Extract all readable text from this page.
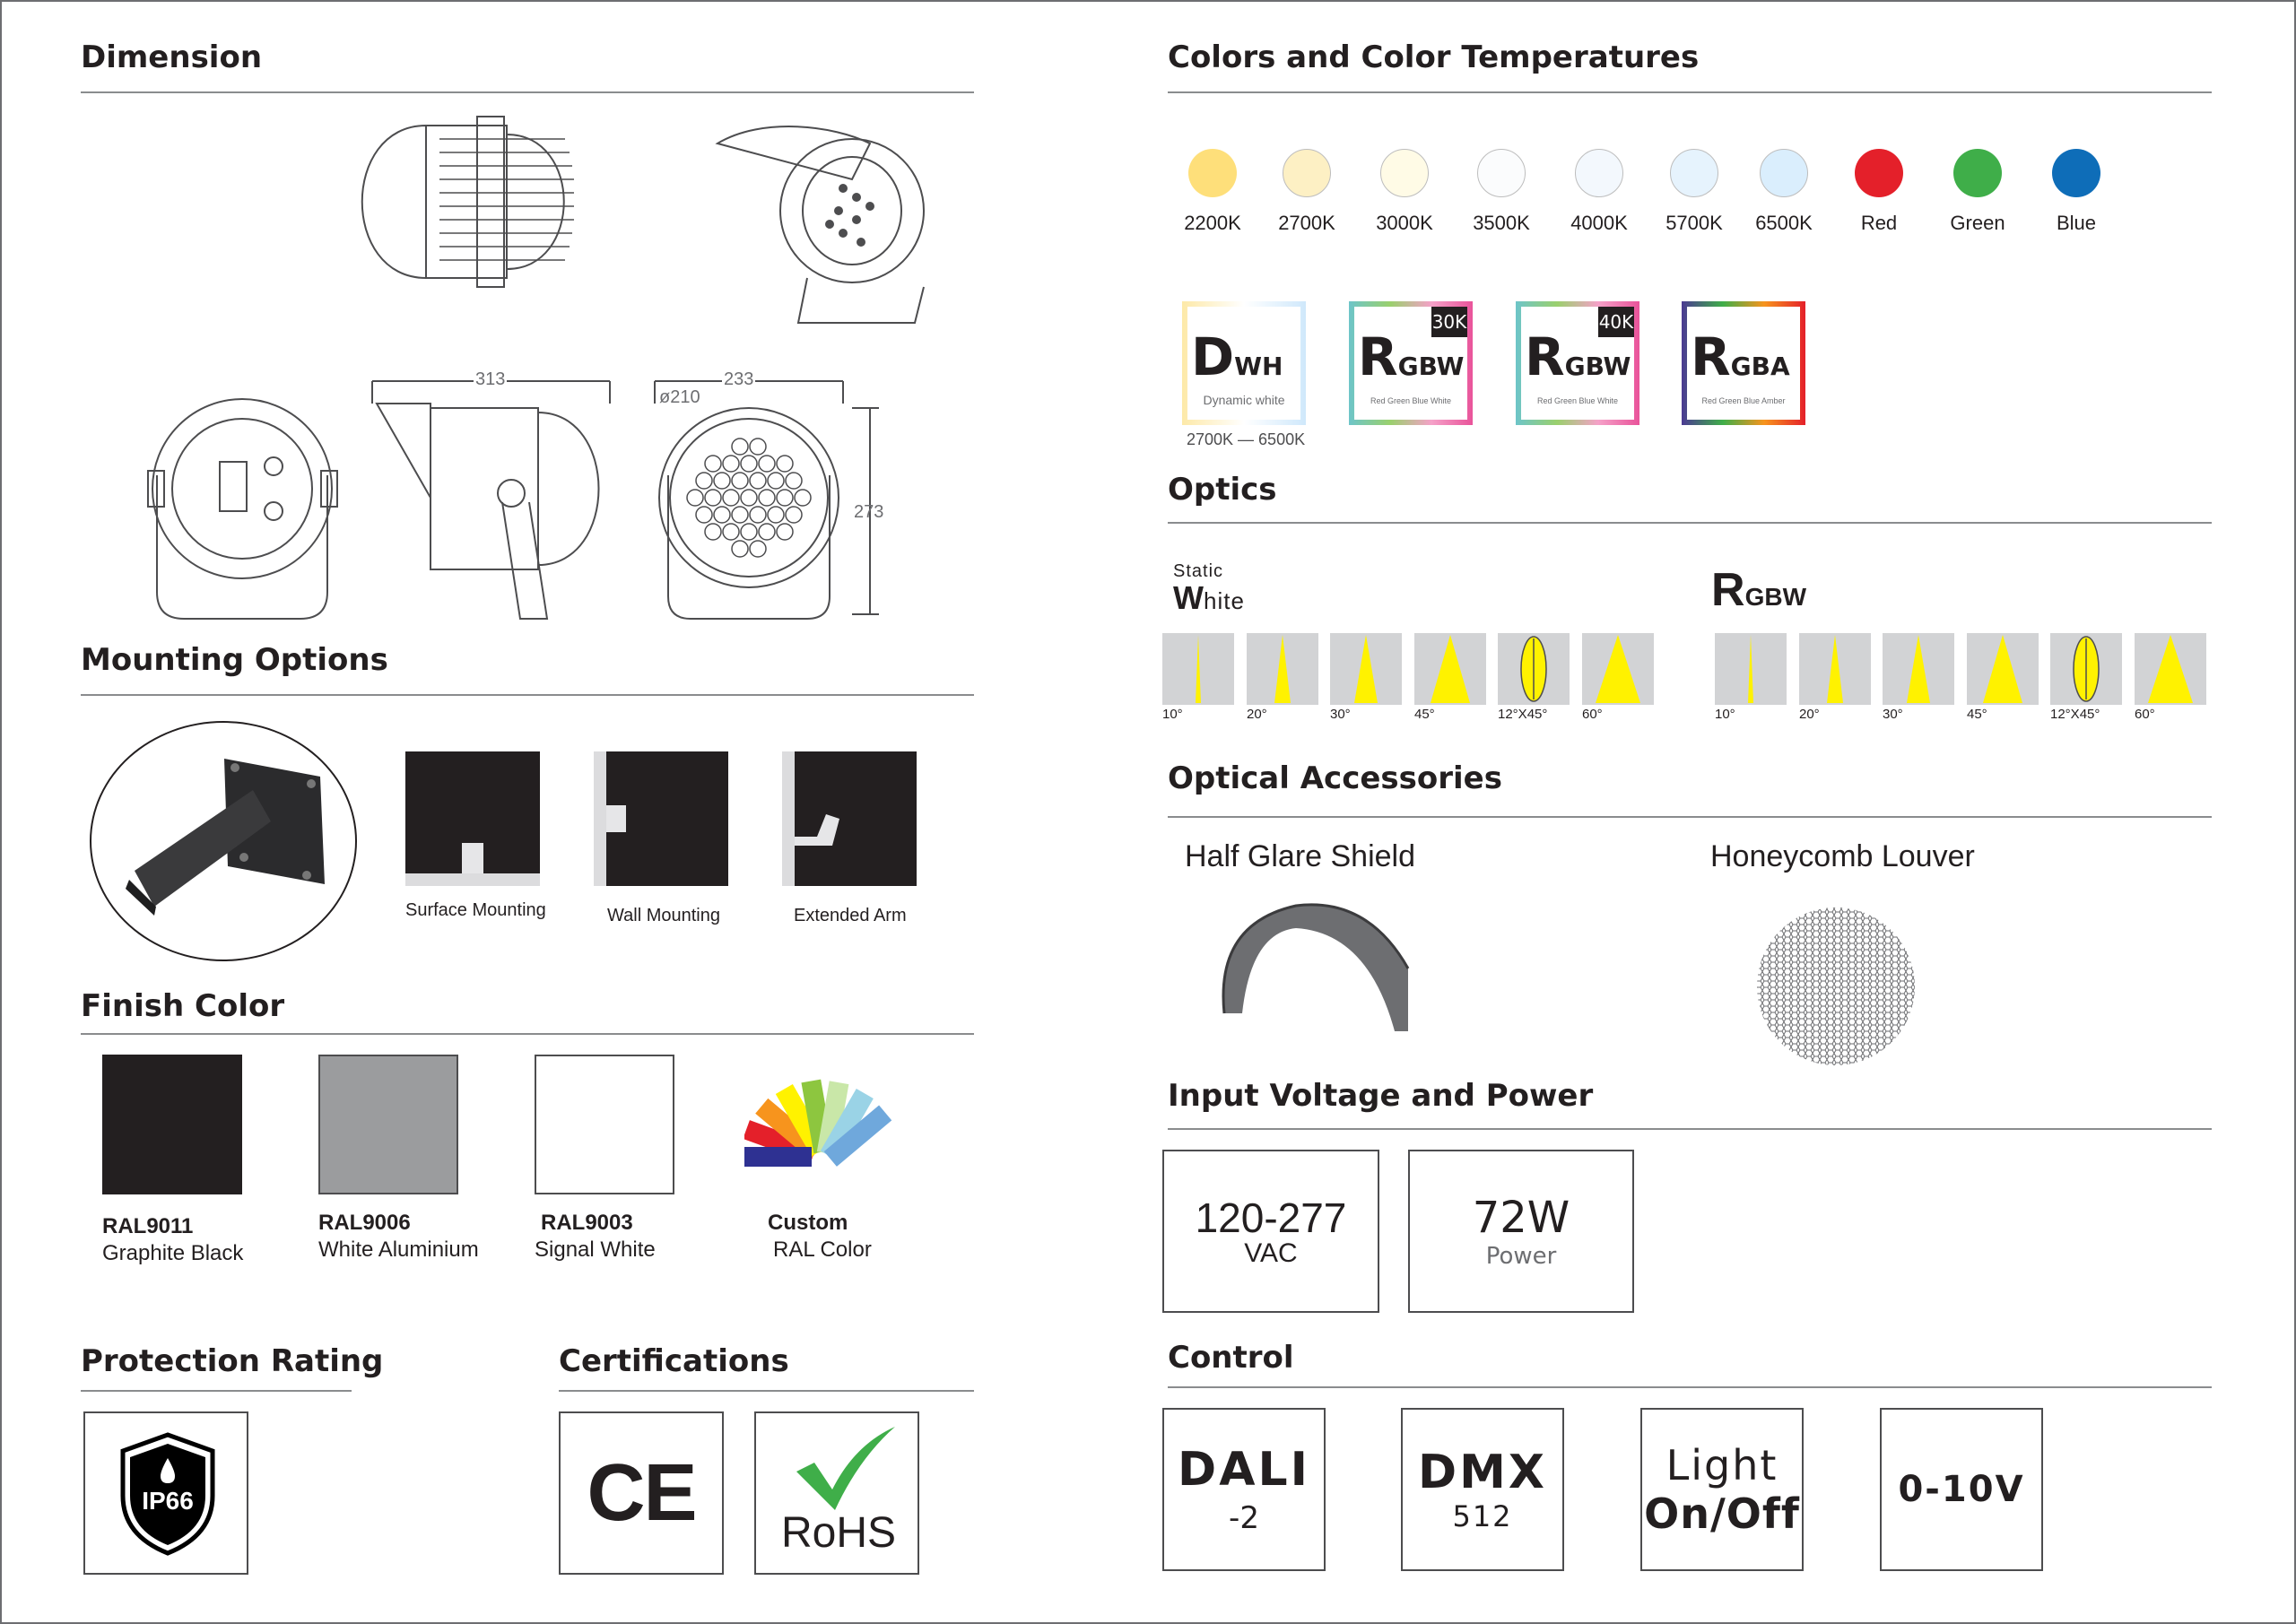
Dimension
313	233
ø210
273
Mounting Options
Surface Mounting	Wall Mounting	Extended Arm
Finish Color
RAL9011
Graphite Black
RAL9006
White Aluminium
RAL9003
Signal White
Custom
RAL Color
Protection Rating
IP66
Certifications
CE	RoHS
Colors and Color Temperatures
2700K — 6500K
Optics
Static
White	RGBW
Optical Accessories
Half Glare Shield	Honeycomb Louver
Input Voltage and Power
120-277
VAC
72W
Power
Control
DALI
-2
DMX
512
Light
On/Off	0-10V
2200K	2700K	3000K	3500K	4000K	5700K	6500K	Red	Green	Blue
DWH
Dynamic white
RGBW
Red Green Blue White
30K
RGBW
Red Green Blue White
40K
RGBA
Red Green Blue Amber
10°	20°	30°	45°	12°X45°	60°	10°	20°	30°	45°	12°X45°	60°
